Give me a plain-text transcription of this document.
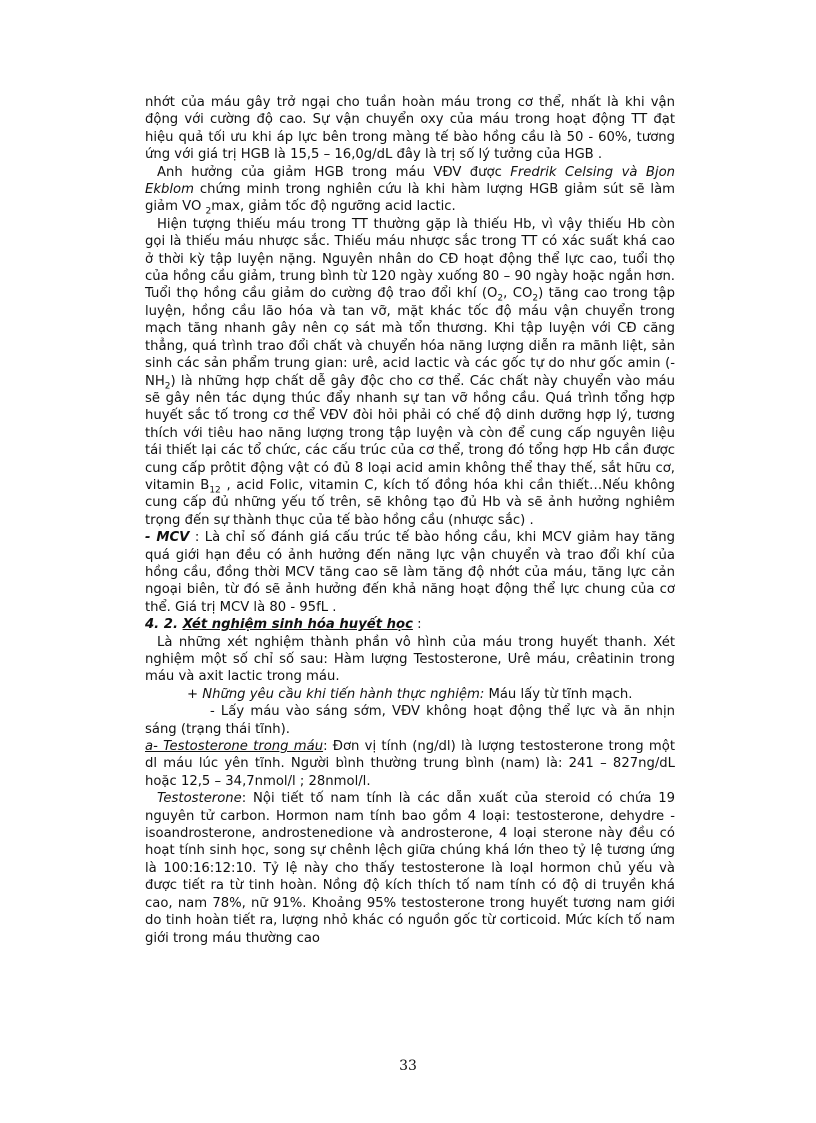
nhớt của máu gây trở ngại cho tuần hoàn máu trong cơ thể, nhất là khi vận động với cường độ cao. Sự vận chuyển oxy của máu trong hoạt động TT đạt hiệu quả tối ưu khi áp lực bên trong màng tế bào hồng cầu là 50 - 60%, tương ứng với giá trị HGB là 15,5 – 16,0g/dL đây là trị số lý tưởng của HGB .

Anh hưởng của giảm HGB trong máu VĐV được Fredrik Celsing và Bjon Ekblom chứng minh trong nghiên cứu là khi hàm lượng HGB giảm sút sẽ làm giảm VO $_2$max, giảm tốc độ ngưỡng acid lactic.

Hiện tượng thiếu máu trong TT thường gặp là thiếu Hb, vì vậy thiếu Hb còn gọi là thiếu máu nhược sắc. Thiếu máu nhược sắc trong TT có xác suất khá cao ở thời kỳ tập luyện nặng. Nguyên nhân do CĐ hoạt động thể lực cao, tuổi thọ của hồng cầu giảm, trung bình từ 120 ngày xuống 80 – 90 ngày hoặc ngắn hơn. Tuổi thọ hồng cầu giảm do cường độ trao đổi khí ($O_2$, $CO_2$) tăng cao trong tập luyện, hồng cầu lão hóa và tan vỡ, mặt khác tốc độ máu vận chuyển trong mạch tăng nhanh gây nên cọ sát mà tổn thương. Khi tập luyện với CĐ căng thẳng, quá trình trao đổi chất và chuyển hóa năng lượng diễn ra mãnh liệt, sản sinh các sản phẩm trung gian: urê, acid lactic và các gốc tự do như gốc amin $(-NH_2)$ là những hợp chất dễ gây độc cho cơ thể. Các chất này chuyển vào máu sẽ gây nên tác dụng thúc đẩy nhanh sự tan vỡ hồng cầu. Quá trình tổng hợp huyết sắc tố trong cơ thể VĐV đòi hỏi phải có chế độ dinh dưỡng hợp lý, tương thích với tiêu hao năng lượng trong tập luyện và còn để cung cấp nguyên liệu tái thiết lại các tổ chức, các cấu trúc của cơ thể, trong đó tổng hợp Hb cần được cung cấp prôtit động vật có đủ 8 loại acid amin không thể thay thế, sắt hữu cơ, vitamin $B_{12}$ , acid Folic, vitamin C, kích tố đồng hóa khi cần thiết…Nếu không cung cấp đủ những yếu tố trên, sẽ không tạo đủ Hb và sẽ ảnh hưởng nghiêm trọng đến sự thành thục của tế bào hồng cầu (nhược sắc) .

- MCV : Là chỉ số đánh giá cấu trúc tế bào hồng cầu, khi MCV giảm hay tăng quá giới hạn đều có ảnh hưởng đến năng lực vận chuyển và trao đổi khí của hồng cầu, đồng thời MCV tăng cao sẽ làm tăng độ nhớt của máu, tăng lực cản ngoại biên, từ đó sẽ ảnh hưởng đến khả năng hoạt động thể lực chung của cơ thể. Giá trị MCV là 80 - 95fL .

4. 2. Xét nghiệm sinh hóa huyết học :

Là những xét nghiệm thành phần vô hình của máu trong huyết thanh. Xét nghiệm một số chỉ số sau: Hàm lượng Testosterone, Urê máu, crêatinin trong máu và axit lactic trong máu.

+ Những yêu cầu khi tiến hành thực nghiệm: Máu lấy từ tĩnh mạch.

- Lấy máu vào sáng sớm, VĐV không hoạt động thể lực và ăn nhịn sáng (trạng thái tĩnh).

a- Testosterone trong máu: Đơn vị tính (ng/dl) là lượng testosterone trong một dl máu lúc yên tĩnh. Người bình thường trung bình (nam) là: 241 – 827ng/dL hoặc 12,5 – 34,7nmol/l ; 28nmol/l.

Testosterone: Nội tiết tố nam tính là các dẫn xuất của steroid có chứa 19 nguyên tử carbon. Hormon nam tính bao gồm 4 loại: testosterone, dehydre - isoandrosterone, androstenedione và androsterone, 4 loại sterone này đều có hoạt tính sinh học, song sự chênh lệch giữa chúng khá lớn theo tỷ lệ tương ứng là 100:16:12:10. Tỷ lệ này cho thấy testosterone là loạI hormon chủ yếu và được tiết ra từ tinh hoàn. Nồng độ kích thích tố nam tính có độ di truyền khá cao, nam 78%, nữ 91%. Khoảng 95% testosterone trong huyết tương nam giới do tinh hoàn tiết ra, lượng nhỏ khác có nguồn gốc từ corticoid. Mức kích tố nam giới trong máu thường cao

33
